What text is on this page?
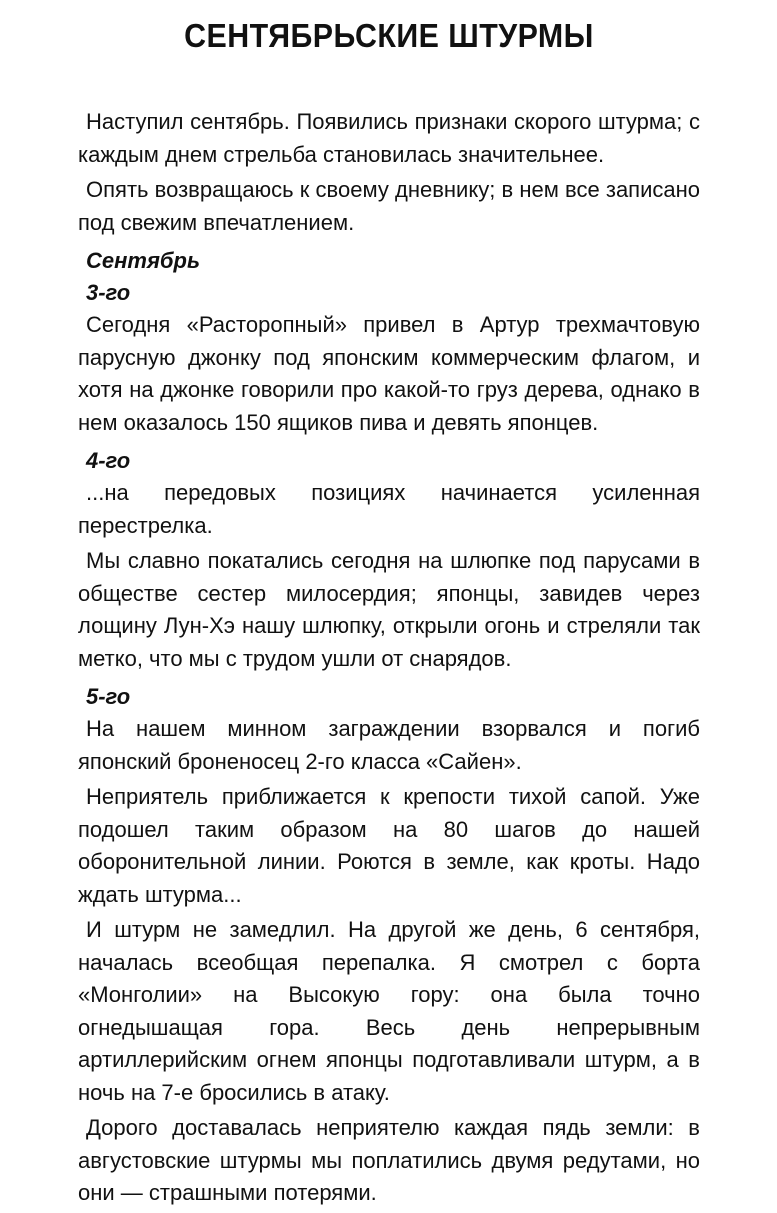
СЕНТЯБРЬСКИЕ ШТУРМЫ

Наступил сентябрь. Появились признаки скорого штурма; с каждым днем стрельба становилась значительнее.

Опять возвращаюсь к своему дневнику; в нем все записано под свежим впечатлением.

Сентябрь
3-го

Сегодня «Расторопный» привел в Артур трехмачтовую парусную джонку под японским коммерческим флагом, и хотя на джонке говорили про какой-то груз дерева, однако в нем оказалось 150 ящиков пива и девять японцев.

4-го

...на передовых позициях начинается усиленная перестрелка.

Мы славно покатались сегодня на шлюпке под парусами в обществе сестер милосердия; японцы, завидев через лощину Лун-Хэ нашу шлюпку, открыли огонь и стреляли так метко, что мы с трудом ушли от снарядов.

5-го

На нашем минном заграждении взорвался и погиб японский броненосец 2-го класса «Сайен».

Неприятель приближается к крепости тихой сапой. Уже подошел таким образом на 80 шагов до нашей оборонительной линии. Роются в земле, как кроты. Надо ждать штурма...

И штурм не замедлил. На другой же день, 6 сентября, началась всеобщая перепалка. Я смотрел с борта «Монголии» на Высокую гору: она была точно огнедышащая гора. Весь день непрерывным артиллерийским огнем японцы подготавливали штурм, а в ночь на 7-е бросились в атаку.

Дорого доставалась неприятелю каждая пядь земли: в августовские штурмы мы поплатились двумя редутами, но они — страшными потерями.
